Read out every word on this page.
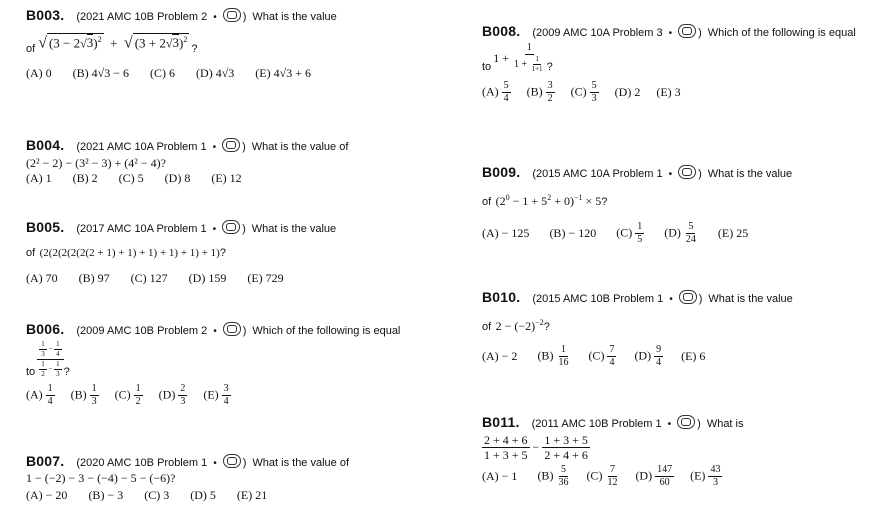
B003. (2021 AMC 10B Problem 2 • ) What is the value
of √ $(3 - 2√3)^2$  +  √ $(3 + 2√3)^2$
?
(A) 0 (B) 4√3 − 6 (C) 6 (D) 4√3 (E) 4√3 + 6
B004. (2021 AMC 10A Problem 1 • ) What is the value of
(2² − 2) − (3² − 3) + (4² − 4)?
(A) 1 (B) 2 (C) 5 (D) 8 (E) 12
B005. (2017 AMC 10A Problem 1 • ) What is the value
of (2(2(2(2(2(2 + 1) + 1) + 1) + 1) + 1) + 1)?
(A) 70 (B) 97 (C) 127 (D) 159 (E) 729
B006. (2009 AMC 10B Problem 2 • ) Which of the following is equal
to $\frac{\frac{1}{3} - \frac{1}{4}}{\frac{1}{2} - \frac{1}{3}}$ ?
$(A) \frac{1}{4} (B) \frac{1}{3} (C) \frac{1}{2} (D) \frac{2}{3} (E) \frac{3}{4}$
B007. (2020 AMC 10B Problem 1 • ) What is the value of
1 − (−2) − 3 − (−4) − 5 − (−6)?
(A) − 20 (B) − 3 (C) 3 (D) 5 (E) 21
B008. (2009 AMC 10A Problem 3 • ) Which of the following is equal
to
$1 + \frac{1}{1 + \frac{1}{1+1}}$ ?
$(A) \frac{5}{4} (B) \frac{3}{2} (C) \frac{5}{3} (D)$ 2 (E) 3
B009. (2015 AMC 10A Problem 1 • ) What is the value
of $(2^0 - 1 + 5^2 + 0)^{-1} \times 5$?
(A) − 125 (B) − 120 $(C) \frac{1}{5} (D) \frac{5}{24} (E)$ 25
B010. (2015 AMC 10B Problem 1 • ) What is the value
of $2 - (-2)^{-2}$?
(A) − 2 $(B) \frac{1}{16} (C) \frac{7}{4} (D) \frac{9}{4} (E)$ 6
B011. (2011 AMC 10B Problem 1 • ) What is
$\frac{2 + 4 + 6}{1 + 3 + 5} - \frac{1 + 3 + 5}{2 + 4 + 6}$
(A) − 1 $(B) \frac{5}{36} (C) \frac{7}{12} (D) \frac{147}{60} (E) \frac{43}{3}$
